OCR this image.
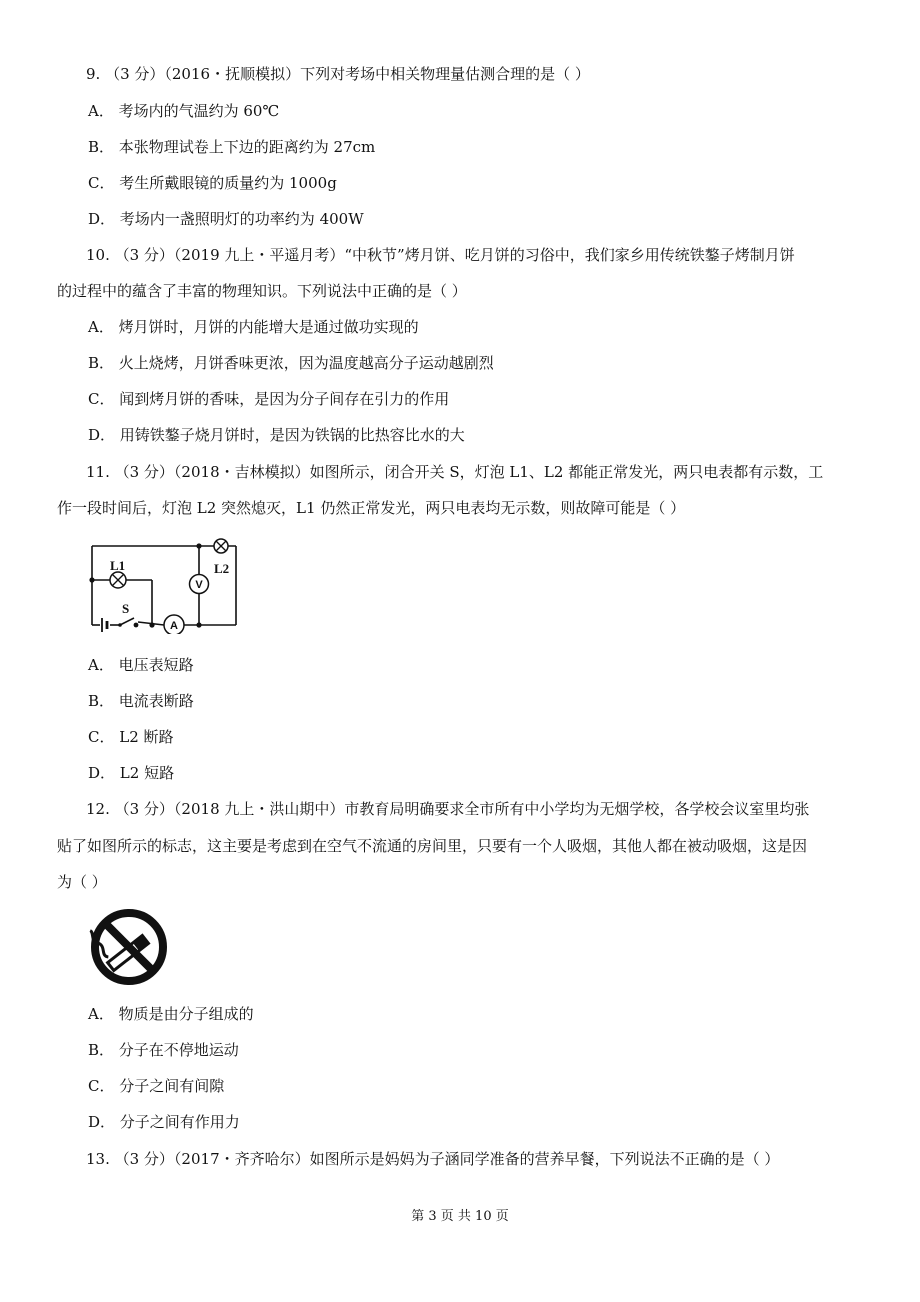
9. （3 分）（2016・抚顺模拟）下列对考场中相关物理量估测合理的是（ ）
A． 考场内的气温约为 60℃
B． 本张物理试卷上下边的距离约为 27cm
C． 考生所戴眼镜的质量约为 1000g
D． 考场内一盏照明灯的功率约为 400W
10. （3 分）（2019 九上・平遥月考）“中秋节”烤月饼、吃月饼的习俗中，我们家乡用传统铁鏊子烤制月饼
的过程中的蕴含了丰富的物理知识。下列说法中正确的是（ ）
A． 烤月饼时，月饼的内能增大是通过做功实现的
B． 火上烧烤，月饼香味更浓，因为温度越高分子运动越剧烈
C． 闻到烤月饼的香味，是因为分子间存在引力的作用
D． 用铸铁鏊子烧月饼时，是因为铁锅的比热容比水的大
11. （3 分）（2018・吉林模拟）如图所示，闭合开关 S，灯泡 L1、L2 都能正常发光，两只电表都有示数，工
作一段时间后，灯泡 L2 突然熄灭，L1 仍然正常发光，两只电表均无示数，则故障可能是（ ）
V
A
L1	L2
S
A． 电压表短路
B． 电流表断路
C． L2 断路
D． L2 短路
12. （3 分）（2018 九上・洪山期中）市教育局明确要求全市所有中小学均为无烟学校，各学校会议室里均张
贴了如图所示的标志，这主要是考虑到在空气不流通的房间里，只要有一个人吸烟，其他人都在被动吸烟，这是因
为（ ）
A． 物质是由分子组成的
B． 分子在不停地运动
C． 分子之间有间隙
D． 分子之间有作用力
13. （3 分）（2017・齐齐哈尔）如图所示是妈妈为子涵同学准备的营养早餐，下列说法不正确的是（ ）
第 3 页 共 10 页
